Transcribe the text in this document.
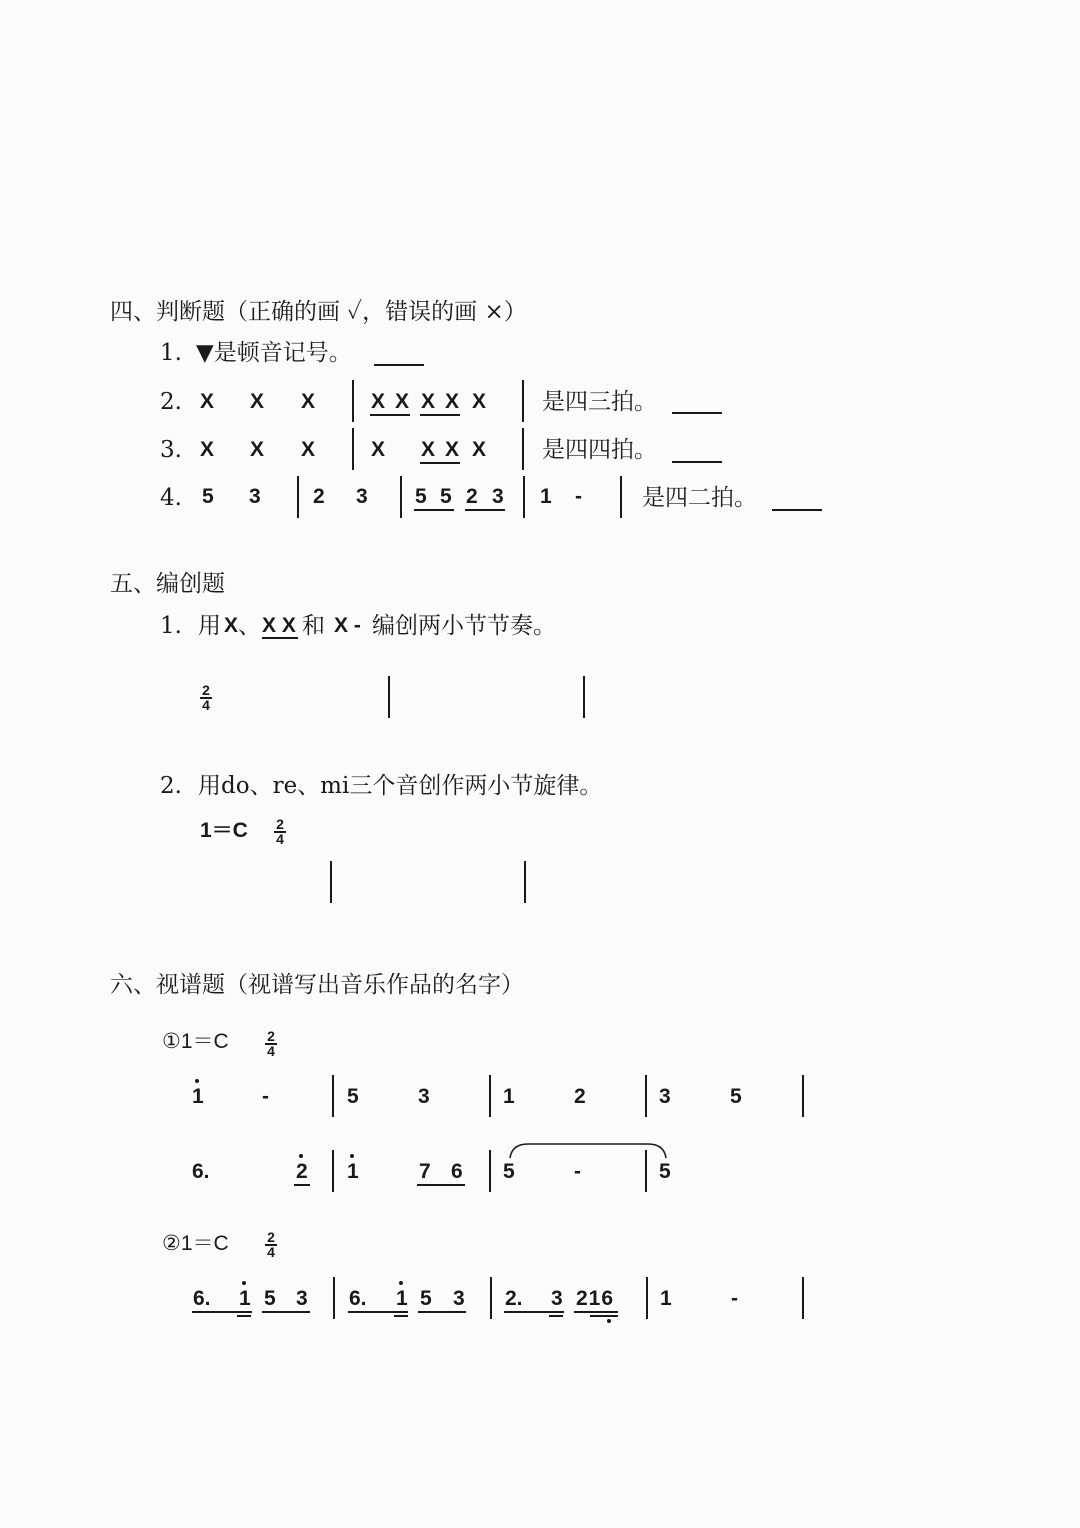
四、判断题（正确的画 ✓，错误的画 ×）
1. ▼是顿音记号。
2. X X X	X X X X X 是四三拍。
3. X X X	X X X X 是四四拍。
4. 5 3 2 3 5 5 2 3 1 -	是四二拍。
五、编创题
1. 用 X 、 X X 和 X - 编创两小节节奏。
2
4
2. 用do、re、mi三个音创作两小节旋律。
1＝C 2
4
六、视谱题（视谱写出音乐作品的名字）
①1＝C	2
4
1	-	5	3	1	2	3	5
6.	2 1	7 6 5	-	5
②1＝C	2
4
6. 1 5 3 6. 1 5 3 2. 3 216 1	-
